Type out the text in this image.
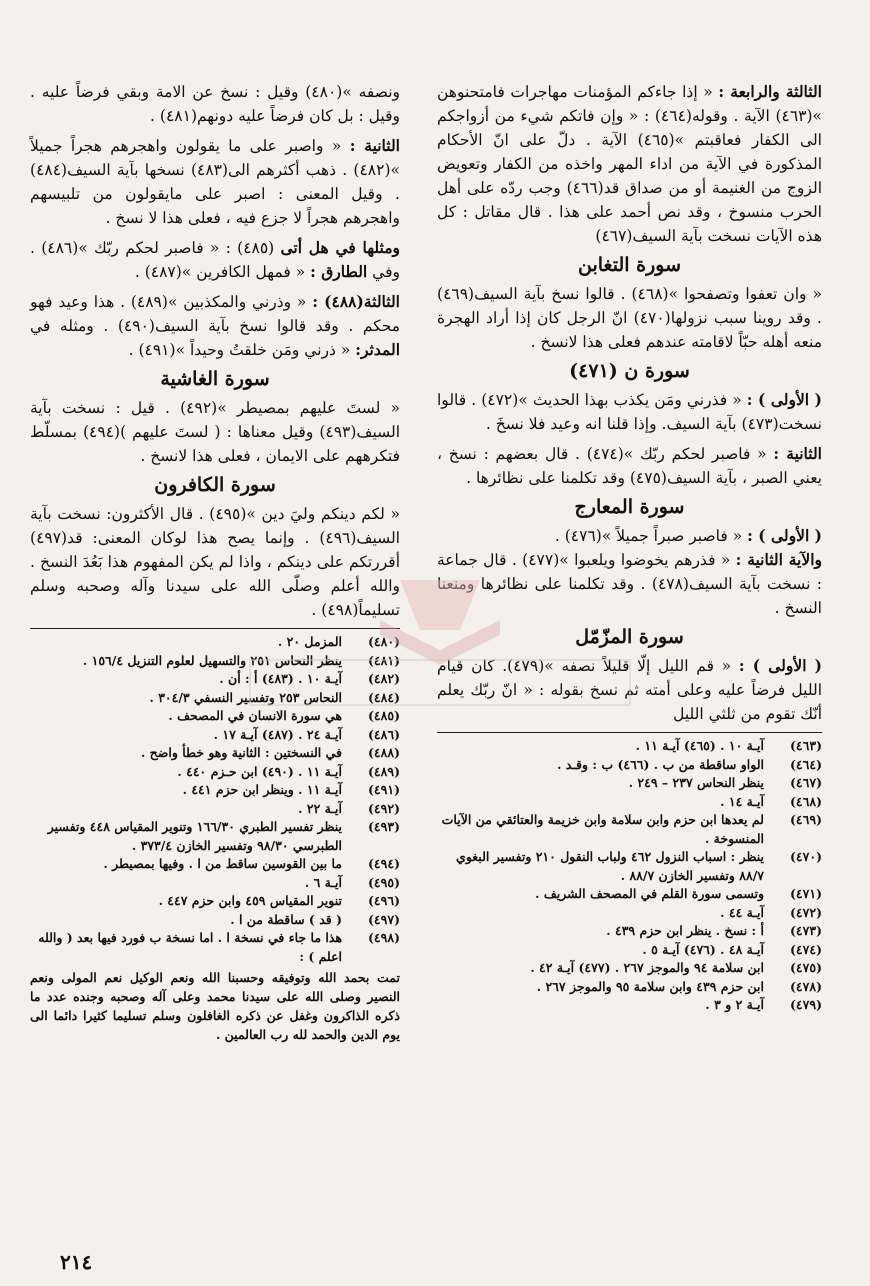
الثالثة والرابعة : « إذا جاءكم المؤمنات مهاجرات فامتحنوهن »(٤٦٣) الآية . وقوله(٤٦٤) : « وإن فاتكم شيء من أزواجكم الى الكفار فعاقبتم »(٤٦٥) الآية . دلّ على انّ الأحكام المذكورة في الآية من اداء المهر واخذه من الكفار وتعويض الزوج من الغنيمة أو من صداق قد(٤٦٦) وجب ردّه على أهل الحرب منسوخ ، وقد نص أحمد على هذا . قال مقاتل : كل هذه الآيات نسخت بآية السيف(٤٦٧)

سورة التغابن

« وان تعفوا وتصفحوا »(٤٦٨) . قالوا نسخ بآية السيف(٤٦٩) . وقد روينا سبب نزولها(٤٧٠) انّ الرجل كان إذا أراد الهجرة منعه أهله حبّاً لاقامته عندهم فعلى هذا لانسخ .

سورة ن (٤٧١)

( الأولى ) : « فذرني ومَن يكذب بهذا الحديث »(٤٧٢) . قالوا نسخت(٤٧٣) بآية السيف. وإذا قلنا انه وعيد فلا نسخَ .

الثانية : « فاصبر لحكم ربّك »(٤٧٤) . قال بعضهم : نسخ ، يعني الصبر ، بآية السيف(٤٧٥) وقد تكلمنا على نظائرها .

سورة المعارج

( الأولى ) : « فاصبر صبراً جميلاً »(٤٧٦) .
والآية الثانية : « فذرهم يخوضوا ويلعبوا »(٤٧٧) . قال جماعة : نسخت بآية السيف(٤٧٨) . وقد تكلمنا على نظائرها ومنعنا النسخ .

سورة المزّمّل

( الأولى ) : « قم الليل إلّا قليلاً نصفه »(٤٧٩). كان قيام الليل فرضاً عليه وعلى أمته ثم نسخ بقوله : « انّ ربّك يعلم أنّك تقوم من ثلثي الليل

(٤٦٣)
آيـة ١٠ . (٤٦٥) آيـة ١١ .
(٤٦٤)
الواو ساقطة من ب . (٤٦٦) ب : وقـد .
(٤٦٧)
ينظر النحاس ٢٣٧ – ٢٤٩ .
(٤٦٨)
آيـة ١٤ .
(٤٦٩)
لم يعدها ابن حزم وابن سلامة وابن خزيمة والعتائقي من الآيات المنسوخة .
(٤٧٠)
ينظر : اسباب النزول ٤٦٢ ولباب النقول ٢١٠ وتفسير البغوي ٨٨/٧ وتفسير الخازن ٨٨/٧ .
(٤٧١)
وتسمى سورة القلم في المصحف الشريف .
(٤٧٢)
آيـة ٤٤ .
(٤٧٣)
أ : نسخ . ينظر ابن حزم ٤٣٩ .
(٤٧٤)
آيـة ٤٨ . (٤٧٦) آيـة ٥ .
(٤٧٥)
ابن سلامة ٩٤ والموجز ٢٦٧ . (٤٧٧) آيـة ٤٢ .
(٤٧٨)
ابن حزم ٤٣٩ وابن سلامة ٩٥ والموجز ٢٦٧ .
(٤٧٩)
آيـة ٢ و ٣ .

ونصفه »(٤٨٠) وقيل : نسخ عن الامة وبقي فرضاً عليه . وقيل : بل كان فرضاً عليه دونهم(٤٨١) .

الثانية : « واصبر على ما يقولون واهجرهم هجراً جميلاً »(٤٨٢) . ذهب أكثرهم الى(٤٨٣) نسخها بآية السيف(٤٨٤) . وقيل المعنى : اصبر على مايقولون من تلبيسهم واهجرهم هجراً لا جزع فيه ، فعلى هذا لا نسخ .

ومثلها في هل أتى (٤٨٥) : « فاصبر لحكم ربّك »(٤٨٦) . وفي الطارق : « فمهل الكافرين »(٤٨٧) .

الثالثة(٤٨٨) : « وذرني والمكذبين »(٤٨٩) . هذا وعيد فهو محكم . وقد قالوا نسخ بآية السيف(٤٩٠) . ومثله في المدثر: « ذرني ومَن خلقتُ وحيداً »(٤٩١) .

سورة الغاشية

« لستَ عليهم بمصيطر »(٤٩٢) . قيل : نسخت بآية السيف(٤٩٣) وقيل معناها : ( لستَ عليهم )(٤٩٤) بمسلّط فتكرههم على الايمان ، فعلى هذا لانسخ .

سورة الكافرون

« لكم دينكم وليَ دين »(٤٩٥) . قال الأكثرون: نسخت بآية السيف(٤٩٦) . وإنما يصح هذا لوكان المعنى: قد(٤٩٧) أقررتكم على دينكم ، واذا لم يكن المفهوم هذا بَعُدَ النسخ . والله أعلم وصلّى الله على سيدنا وآله وصحبه وسلم تسليماً(٤٩٨) .

(٤٨٠)
المزمل ٢٠ .
(٤٨١)
ينظر النحاس ٢٥١ والتسهيل لعلوم التنزيل ١٥٦/٤ .
(٤٨٢)
آيـة ١٠ . (٤٨٣) أ : أن .
(٤٨٤)
النحاس ٢٥٣ وتفسير النسفي ٣٠٤/٣ .
(٤٨٥)
هي سورة الانسان في المصحف .
(٤٨٦)
آيـة ٢٤ . (٤٨٧) آيـة ١٧ .
(٤٨٨)
في النسختين : الثانية وهو خطأ واضح .
(٤٨٩)
آيـة ١١ . (٤٩٠) ابن حـزم ٤٤٠ .
(٤٩١)
آيـة ١١ . وينظر ابن حزم ٤٤١ .
(٤٩٢)
آيـة ٢٢ .
(٤٩٣)
ينظر تفسير الطبري ١٦٦/٣٠ وتنوير المقياس ٤٤٨ وتفسير الطبرسي ٩٨/٣٠ وتفسير الخازن ٣٧٣/٤ .
(٤٩٤)
ما بين القوسين ساقط من ا . وفيها بمصيطر .
(٤٩٥)
آيـة ٦ .
(٤٩٦)
تنوير المقياس ٤٥٩ وابن حزم ٤٤٧ .
(٤٩٧)
( قد ) ساقطة من ا .
(٤٩٨)
هذا ما جاء في نسخة ا . اما نسخة ب فورد فيها بعد ( والله اعلم ) :

تمت بحمد الله وتوفيقه وحسبنا الله ونعم الوكيل نعم المولى ونعم النصير وصلى الله على سيدنا محمد وعلى آله وصحبه وجنده عدد ما ذكره الذاكرون وغفل عن ذكره الغافلون وسلم تسليما كثيرا دائما الى يوم الدين والحمد لله رب العالمين .

٢١٤
